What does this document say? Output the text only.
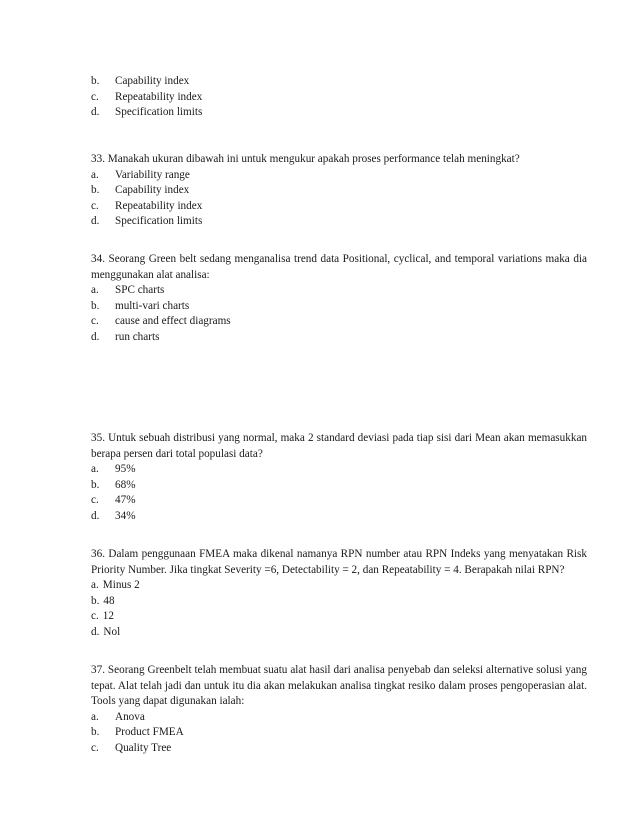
b.	Capability index
c.	Repeatability index
d.	Specification limits

33. Manakah ukuran dibawah ini untuk mengukur apakah proses performance telah meningkat?

a.	Variability range
b.	Capability index
c.	Repeatability index
d.	Specification limits

34. Seorang Green belt sedang menganalisa trend data Positional, cyclical, and temporal variations maka dia menggunakan alat analisa:

a.	SPC charts
b.	multi-vari charts
c.	cause and effect diagrams
d.	run charts

35. Untuk sebuah distribusi yang normal, maka 2 standard deviasi pada tiap sisi dari Mean akan memasukkan berapa persen dari total populasi data?

a.	95%
b.	68%
c.	47%
d.	34%

36. Dalam penggunaan FMEA maka dikenal namanya RPN number atau RPN Indeks yang menyatakan Risk Priority Number. Jika tingkat Severity =6, Detectability = 2, dan Repeatability = 4. Berapakah nilai RPN?

a. Minus 2
b. 48
c. 12
d. Nol

37. Seorang Greenbelt telah membuat suatu alat hasil dari analisa penyebab dan seleksi alternative solusi yang tepat. Alat telah jadi dan untuk itu dia akan melakukan analisa tingkat resiko dalam proses pengoperasian alat. Tools yang dapat digunakan ialah:

a.	Anova
b.	Product FMEA
c.	Quality Tree
